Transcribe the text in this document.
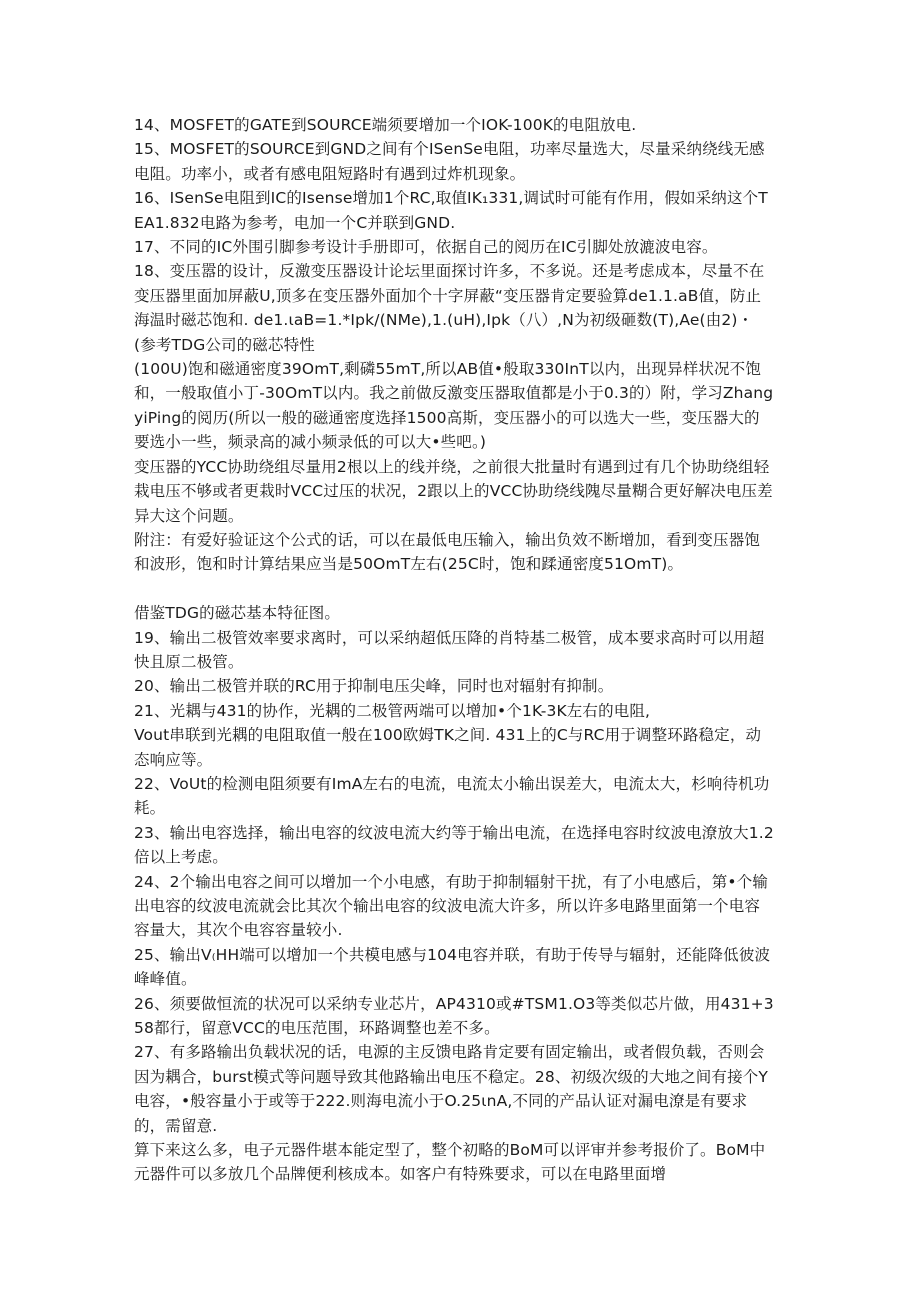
14、MOSFET的GATE到SOURCE端须要增加一个IOK-100K的电阻放电.

15、MOSFET的SOURCE到GND之间有个ISenSe电阻，功率尽量选大，尽量采纳绕线无感电阻。功率小，或者有感电阻短路时有遇到过炸机现象。

16、ISenSe电阻到IC的Isense增加1个RC,取值IK₁331,调试时可能有作用，假如采纳这个TEA1.832电路为参考，电加一个C并联到GND.

17、不同的IC外围引脚参考设计手册即可，依据自己的阅历在IC引脚处放漉波电容。

18、变压嚣的设计，反激变压器设计论坛里面探讨许多，不多说。还是考虑成本，尽量不在变压器里面加屏蔽U,顶多在变压器外面加个十字屏蔽“变压器肯定要验算de1.1.aB值，防止海温时磁芯饱和. de1.ιaB=1.*Ipk/(NMe),1.(uH),Ipk（八）,N为初级砸数(T),Ae(由2)・(参考TDG公司的磁芯特性

(100U)饱和磁通密度39OmT,剩磷55mT,所以AB值•般取330InT以内，出现异样状况不饱和，一般取值小丁-30OmT以内。我之前做反激变压器取值都是小于0.3的）附，学习ZhangyiPing的阅历(所以一般的磁通密度选择1500高斯，变压器小的可以选大一些，变压器大的要选小一些，频录高的减小频录低的可以大•些吧。)

变压器的YCC协助绕组尽量用2根以上的线并绕，之前很大批量时有遇到过有几个协助绕组轻栽电压不够或者更栽时VCC过压的状况，2跟以上的VCC协助绕线隗尽量糊合更好解决电压差异大这个问题。

附注：有爱好验证这个公式的话，可以在最低电压输入，输出负效不断增加，看到变压器饱和波形，饱和时计算结果应当是50OmT左右(25C时，饱和蹂通密度51OmT)。

借鉴TDG的磁芯基本特征图。

19、输出二极管效率要求离时，可以采纳超低压降的肖特基二极管，成本要求高时可以用超快且原二极管。

20、输出二极管并联的RC用于抑制电压尖峰，同时也对辐射有抑制。

21、光耦与431的协作，光耦的二极管两端可以增加•个1K-3K左右的电阻,

Vout串联到光耦的电阻取值一般在100欧姆TK之间. 431上的C与RC用于调整环路稳定，动态响应等。

22、VoUt的检测电阻须要有ImA左右的电流，电流太小输出误差大，电流太大，杉响待机功耗。

23、输出电容选择，输出电容的纹波电流大约等于输出电流，在选择电容时纹波电潦放大1.2倍以上考虑。

24、2个输出电容之间可以增加一个小电感，有助于抑制辐射干扰，有了小电感后，第•个输出电容的纹波电流就会比其次个输出电容的纹波电流大许多，所以许多电路里面第一个电容容量大，其次个电容容量较小.

25、输出V₍HH端可以增加一个共模电感与104电容并联，有助于传导与辐射，还能降低彼波峰峰值。

26、须要做恒流的状况可以采纳专业芯片，AP4310或#TSM1.O3等类似芯片做，用431+358都行，留意VCC的电压范围，环路调整也差不多。

27、有多路输出负载状况的话，电源的主反馈电路肯定要有固定输出，或者假负载，否则会因为耦合，burst模式等问题导致其他路输出电压不稳定。28、初级次级的大地之间有接个Y电容，•般容量小于或等于222.则海电流小于O.25ιnA,不同的产品认证对漏电潦是有要求的，需留意.

算下来这么多，电子元器件堪本能定型了，整个初略的BoM可以评审并参考报价了。BoM中元器件可以多放几个品牌便利核成本。如客户有特殊要求，可以在电路里面增
